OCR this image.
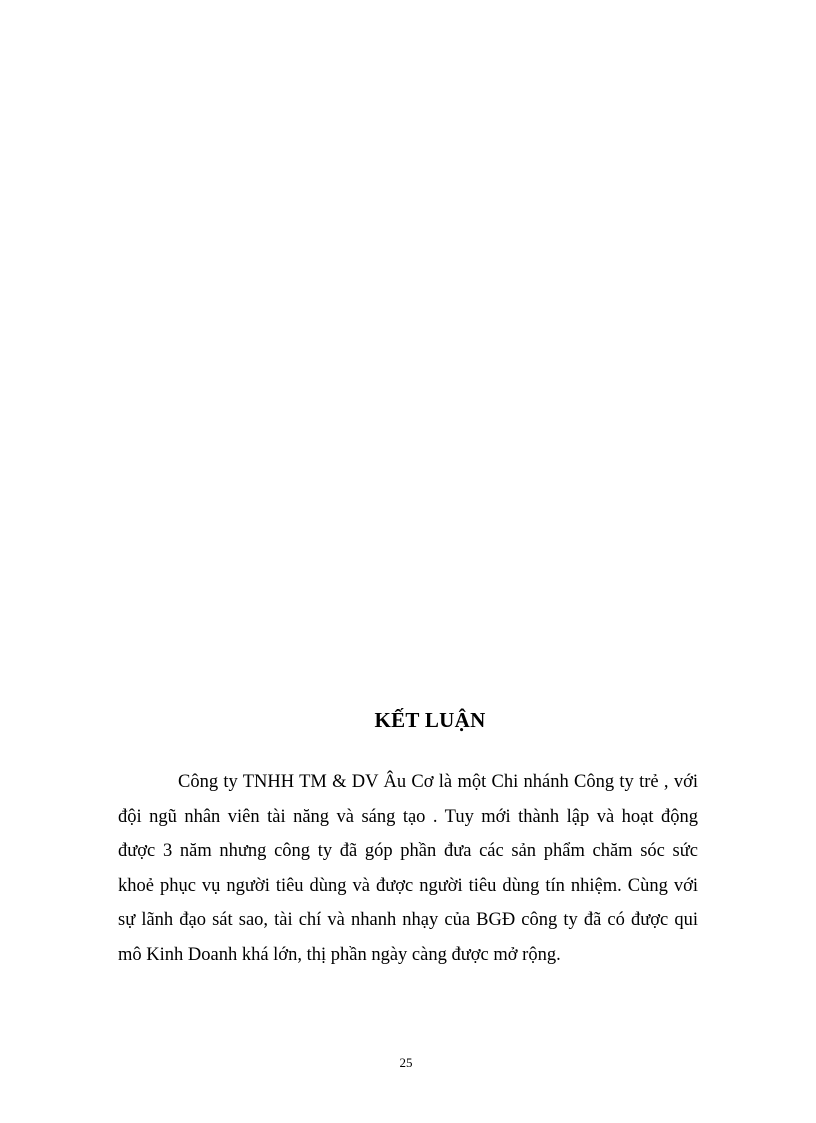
KẾT LUẬN
Công ty TNHH TM & DV Âu Cơ là một Chi nhánh Công ty trẻ , với
đội ngũ nhân viên tài năng và sáng tạo . Tuy mới thành lập và hoạt động
được 3 năm nhưng công ty đã góp phần đưa các sản phẩm chăm sóc sức
khoẻ phục vụ người tiêu dùng và được người tiêu dùng tín nhiệm. Cùng với
sự lãnh đạo sát sao, tài chí và nhanh nhạy của BGĐ công ty đã có được qui
mô Kinh Doanh khá lớn, thị phần ngày càng được mở rộng.
25
